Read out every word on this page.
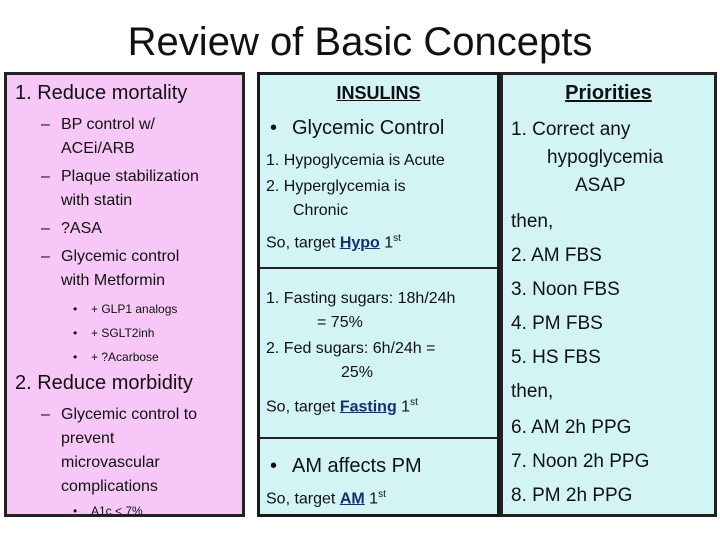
Review of Basic Concepts
1. Reduce mortality
– BP control w/
ACEi/ARB
– Plaque stabilization
with statin
– ?ASA
– Glycemic control
with Metformin
• + GLP1 analogs
• + SGLT2inh
• + ?Acarbose
2. Reduce morbidity
– Glycemic control to
prevent
microvascular
complications
• A1c < 7%
INSULINS
• Glycemic Control
1. Hypoglycemia is Acute
2. Hyperglycemia is
Chronic
So, target Hypo 1st
1. Fasting sugars: 18h/24h
= 75%
2. Fed sugars: 6h/24h =
25%
So, target Fasting 1st
• AM affects PM
So, target AM 1st
Priorities
1. Correct any
hypoglycemia
ASAP
then,
2. AM FBS
3. Noon FBS
4. PM FBS
5. HS FBS
then,
6. AM 2h PPG
7. Noon 2h PPG
8. PM 2h PPG
